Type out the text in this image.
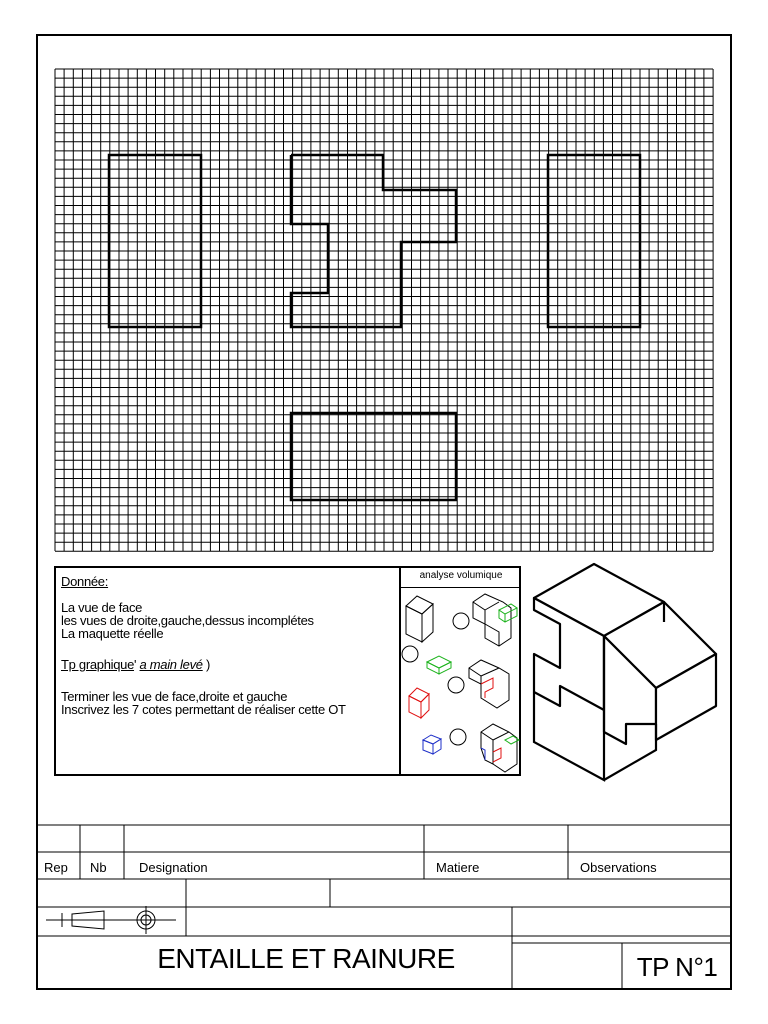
Donnée:
La vue de face
les vues de droite,gauche,dessus incomplétes
La maquette réelle
Tp graphique' a main levé )
Terminer les vue de face,droite et gauche
Inscrivez les 7 cotes permettant de réaliser cette OT
analyse volumique
Rep Nb Designation	Matiere	Observations
ENTAILLE ET RAINURE	TP N°1
